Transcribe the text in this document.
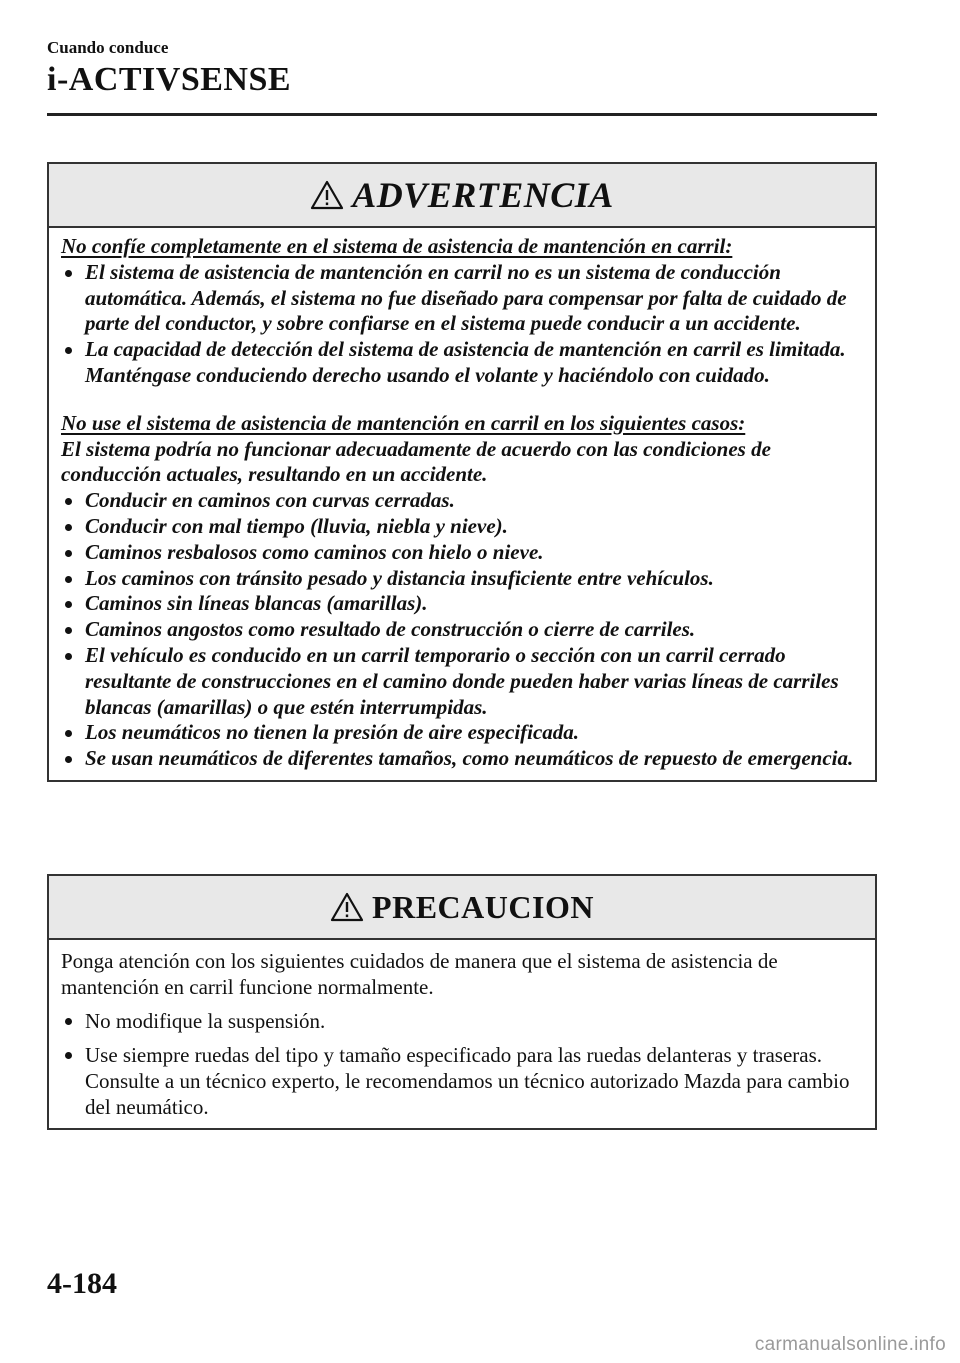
Cuando conduce
i-ACTIVSENSE
ADVERTENCIA
No confíe completamente en el sistema de asistencia de mantención en carril:
El sistema de asistencia de mantención en carril no es un sistema de conducción automática. Además, el sistema no fue diseñado para compensar por falta de cuidado de parte del conductor, y sobre confiarse en el sistema puede conducir a un accidente.
La capacidad de detección del sistema de asistencia de mantención en carril es limitada. Manténgase conduciendo derecho usando el volante y haciéndolo con cuidado.
No use el sistema de asistencia de mantención en carril en los siguientes casos:
El sistema podría no funcionar adecuadamente de acuerdo con las condiciones de conducción actuales, resultando en un accidente.
Conducir en caminos con curvas cerradas.
Conducir con mal tiempo (lluvia, niebla y nieve).
Caminos resbalosos como caminos con hielo o nieve.
Los caminos con tránsito pesado y distancia insuficiente entre vehículos.
Caminos sin líneas blancas (amarillas).
Caminos angostos como resultado de construcción o cierre de carriles.
El vehículo es conducido en un carril temporario o sección con un carril cerrado resultante de construcciones en el camino donde pueden haber varias líneas de carriles blancas (amarillas) o que estén interrumpidas.
Los neumáticos no tienen la presión de aire especificada.
Se usan neumáticos de diferentes tamaños, como neumáticos de repuesto de emergencia.
PRECAUCION

Ponga atención con los siguientes cuidados de manera que el sistema de asistencia de mantención en carril funcione normalmente.

No modifique la suspensión.
Use siempre ruedas del tipo y tamaño especificado para las ruedas delanteras y traseras. Consulte a un técnico experto, le recomendamos un técnico autorizado Mazda para cambio del neumático.
4-184
carmanualsonline.info
